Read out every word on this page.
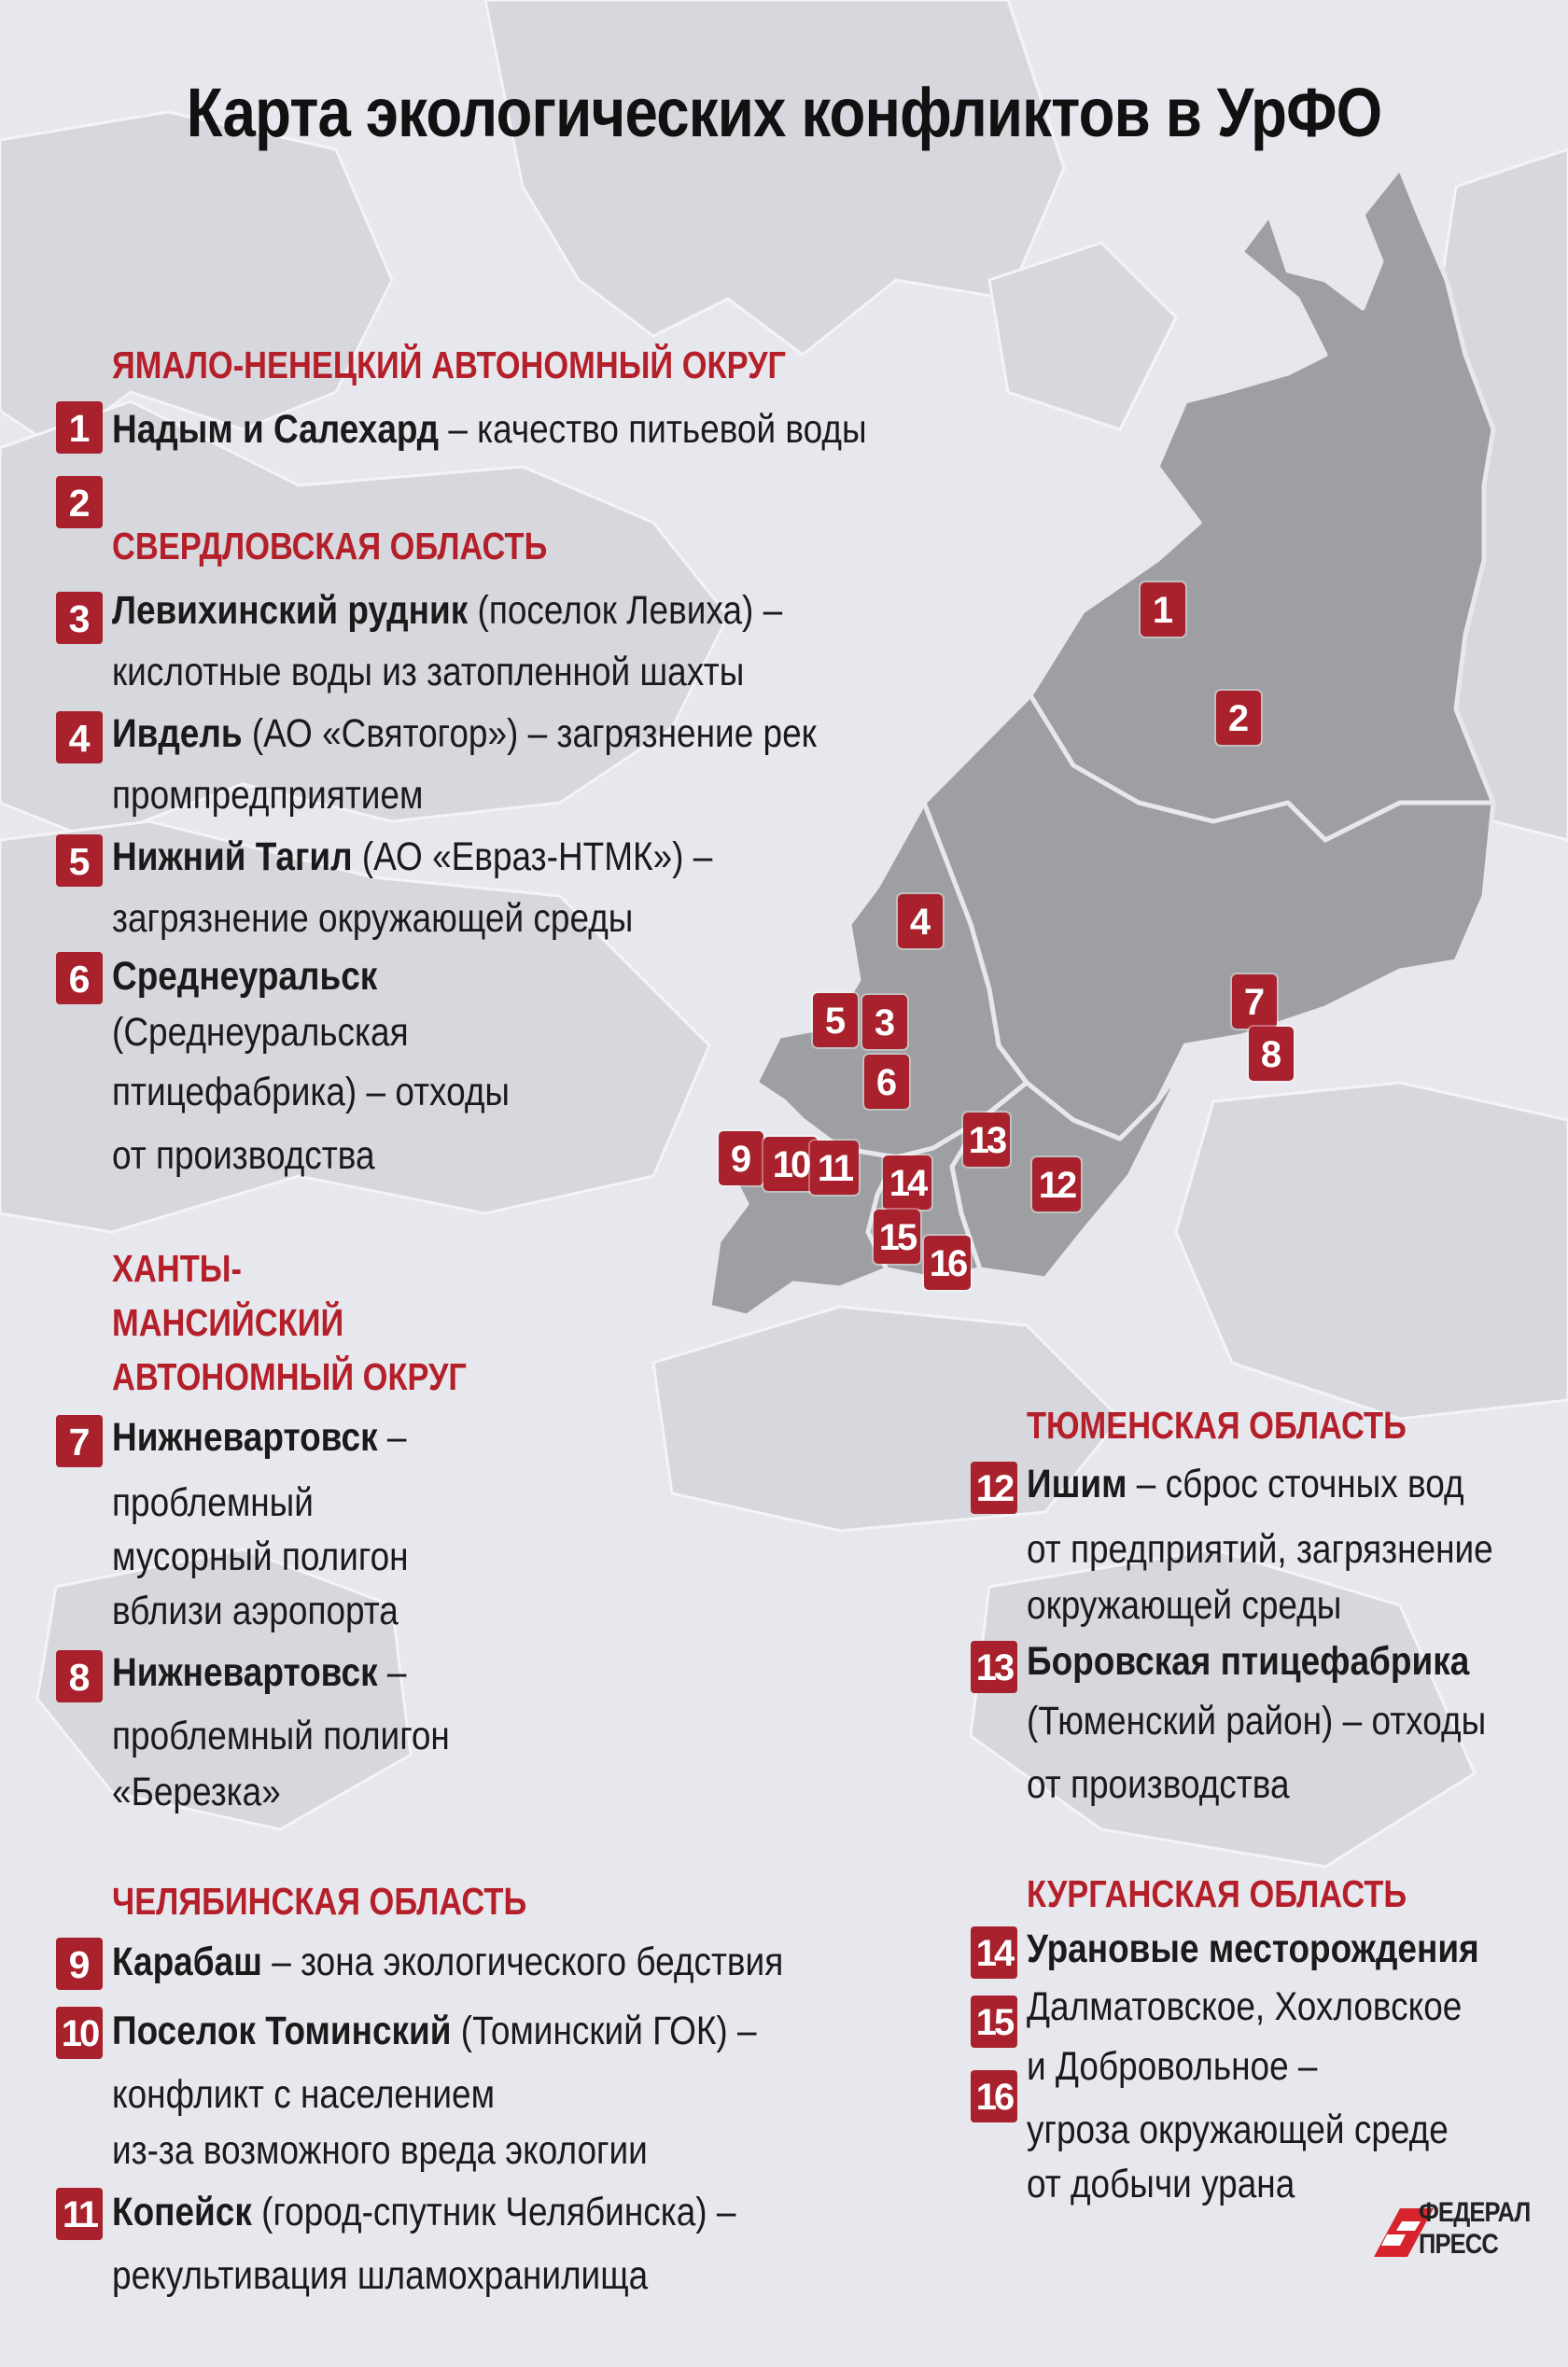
Карта экологических конфликтов в УрФО
1
2
4
5 3
6
7
8
9 10 11
13
14	12
15
16
ЯМАЛО-НЕНЕЦКИЙ АВТОНОМНЫЙ ОКРУГ
1 Надым и Салехард – качество питьевой воды
2
СВЕРДЛОВСКАЯ ОБЛАСТЬ
3 Левихинский рудник (поселок Левиха) –
кислотные воды из затопленной шахты
4 Ивдель (АО «Святогор») – загрязнение рек
промпредприятием
5 Нижний Тагил (АО «Евраз-НТМК») –
загрязнение окружающей среды
6 Среднеуральск
(Среднеуральская
птицефабрика) – отходы
от производства
ХАНТЫ-
МАНСИЙСКИЙ
АВТОНОМНЫЙ ОКРУГ
7 Нижневартовск –
проблемный
мусорный полигон
вблизи аэропорта
8 Нижневартовск –
проблемный полигон
«Березка»
ЧЕЛЯБИНСКАЯ ОБЛАСТЬ
9 Карабаш – зона экологического бедствия
10 Поселок Томинский (Томинский ГОК) –
конфликт с населением
из-за возможного вреда экологии
11 Копейск (город-спутник Челябинска) –
рекультивация шламохранилища
ТЮМЕНСКАЯ ОБЛАСТЬ
12 Ишим – сброс сточных вод
от предприятий, загрязнение
окружающей среды
13 Боровская птицефабрика
(Тюменский район) – отходы
от производства
КУРГАНСКАЯ ОБЛАСТЬ
14
15
16
Урановые месторождения
Далматовское, Хохловское
и Добровольное –
угроза окружающей среде
от добычи урана
ФЕДЕРАЛ
ПРЕСС
